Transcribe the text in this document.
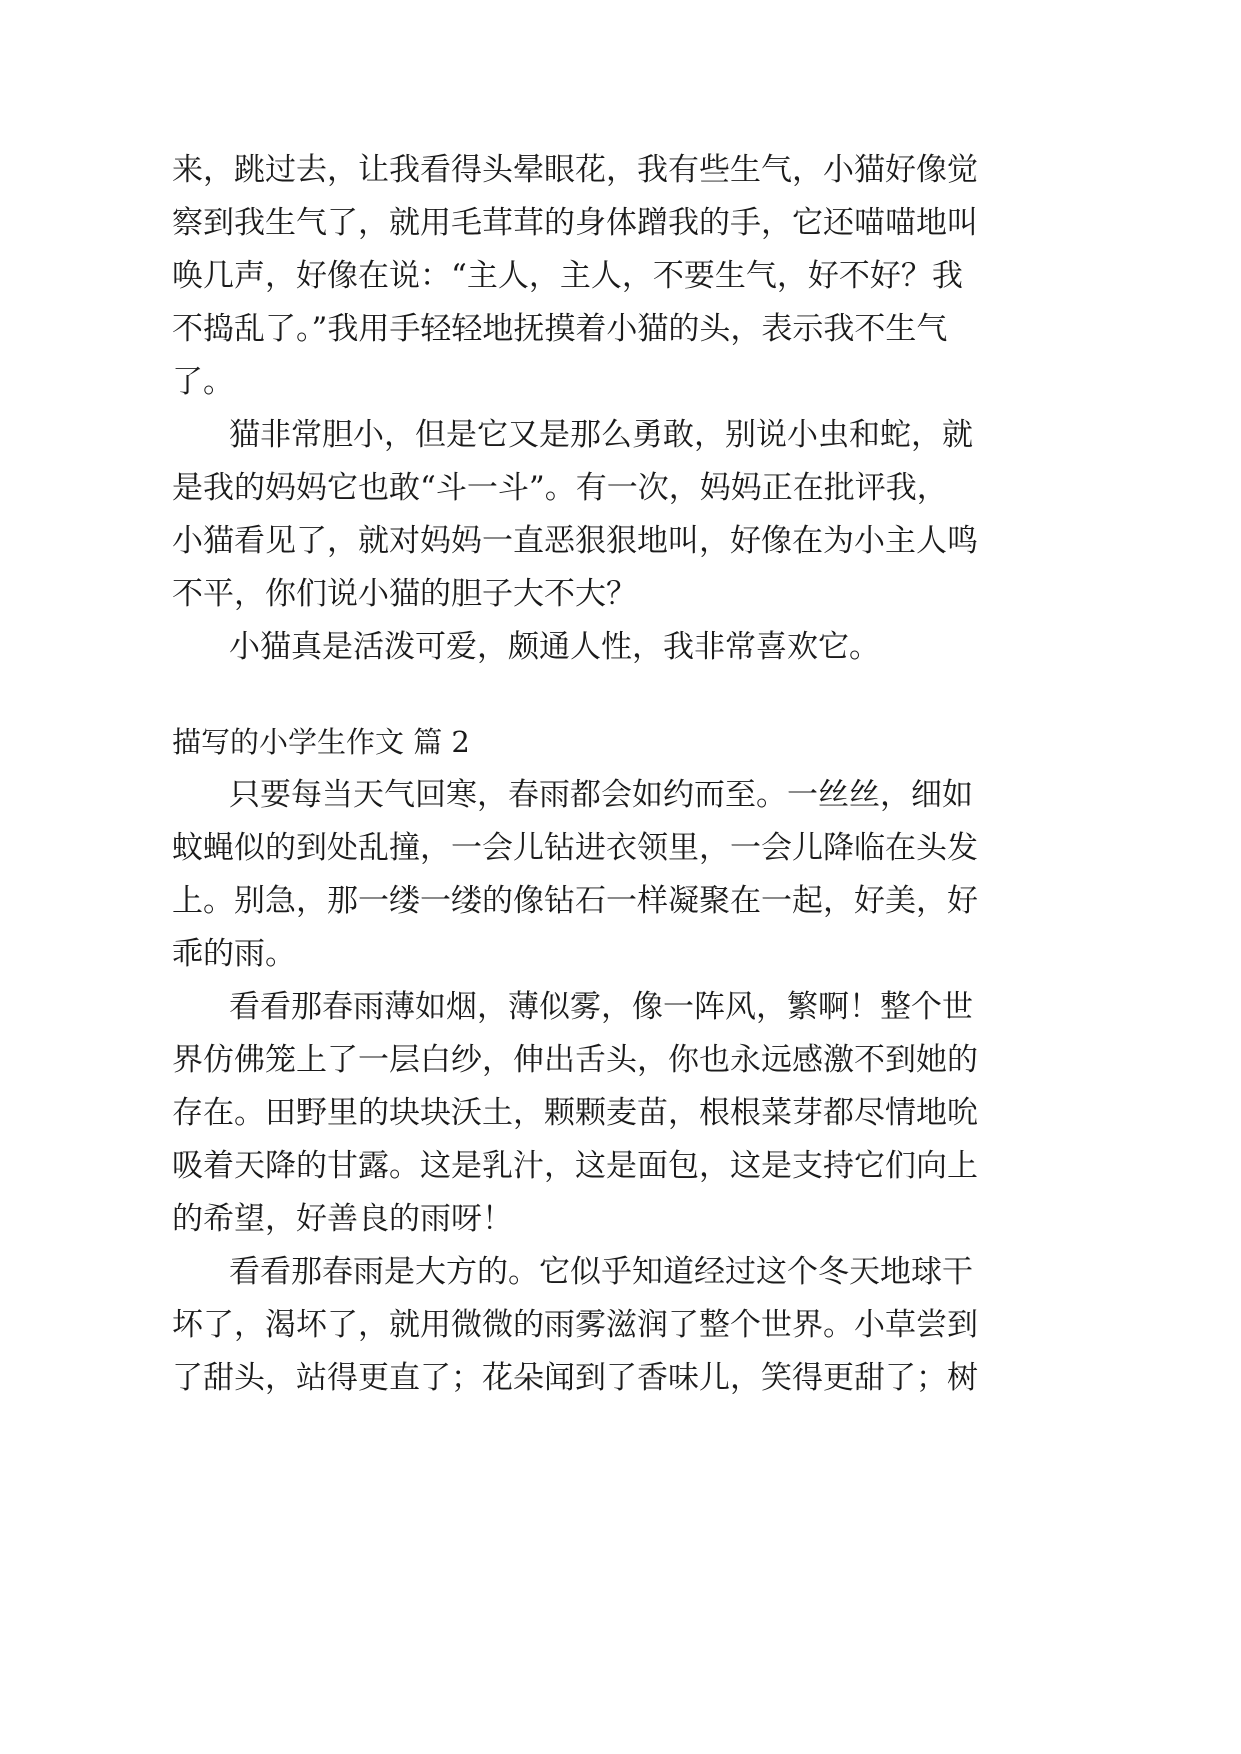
来，跳过去，让我看得头晕眼花，我有些生气，小猫好像觉

察到我生气了，就用毛茸茸的身体蹭我的手，它还喵喵地叫

唤几声，好像在说：“主人，主人，不要生气，好不好？我

不捣乱了。”我用手轻轻地抚摸着小猫的头，表示我不生气

了。

猫非常胆小，但是它又是那么勇敢，别说小虫和蛇，就

是我的妈妈它也敢“斗一斗”。有一次，妈妈正在批评我，

小猫看见了，就对妈妈一直恶狠狠地叫，好像在为小主人鸣

不平，你们说小猫的胆子大不大？

小猫真是活泼可爱，颇通人性，我非常喜欢它。

描写的小学生作文 篇 2

只要每当天气回寒，春雨都会如约而至。一丝丝，细如

蚊蝇似的到处乱撞，一会儿钻进衣领里，一会儿降临在头发

上。别急，那一缕一缕的像钻石一样凝聚在一起，好美，好

乖的雨。

看看那春雨薄如烟，薄似雾，像一阵风，繁啊！整个世

界仿佛笼上了一层白纱，伸出舌头，你也永远感激不到她的

存在。田野里的块块沃土，颗颗麦苗，根根菜芽都尽情地吮

吸着天降的甘露。这是乳汁，这是面包，这是支持它们向上

的希望，好善良的雨呀！

看看那春雨是大方的。它似乎知道经过这个冬天地球干

坏了，渴坏了，就用微微的雨雾滋润了整个世界。小草尝到

了甜头，站得更直了；花朵闻到了香味儿，笑得更甜了；树
